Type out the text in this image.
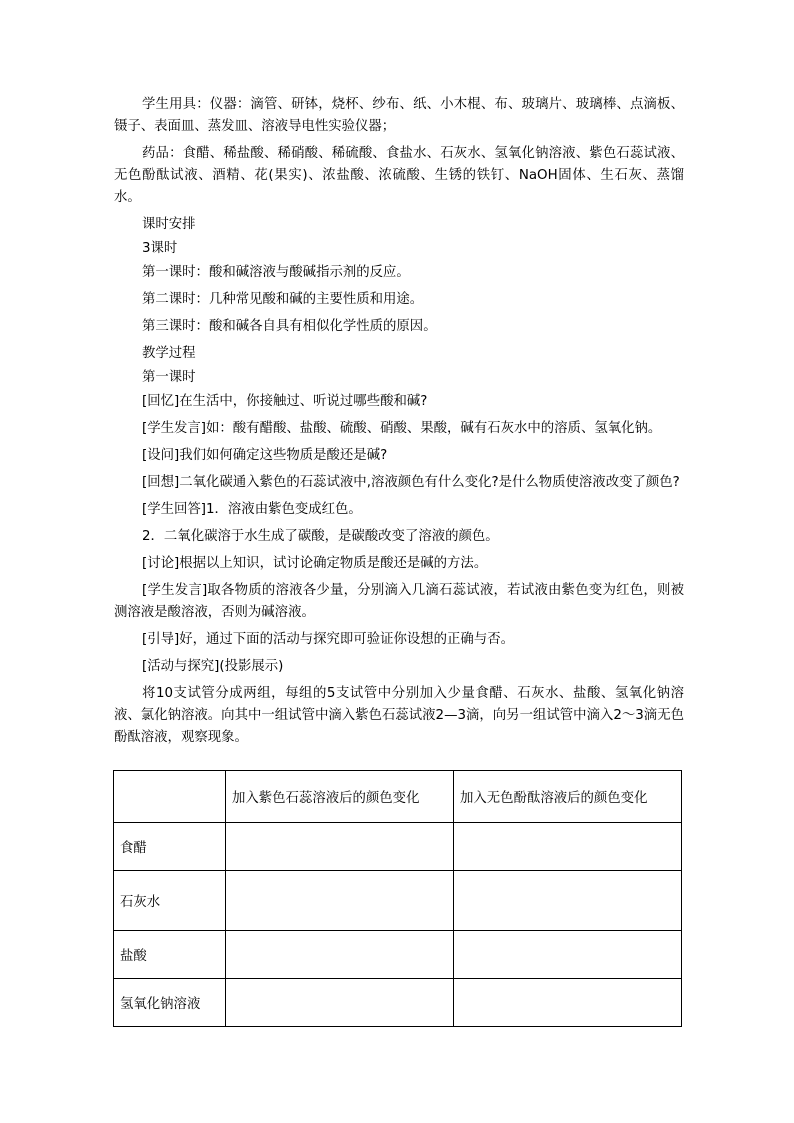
学生用具：仪器：滴管、研钵，烧杯、纱布、纸、小木棍、布、玻璃片、玻璃棒、点滴板、镊子、表面皿、蒸发皿、溶液导电性实验仪器；

药品：食醋、稀盐酸、稀硝酸、稀硫酸、食盐水、石灰水、氢氧化钠溶液、紫色石蕊试液、无色酚酞试液、酒精、花(果实)、浓盐酸、浓硫酸、生锈的铁钉、NaOH固体、生石灰、蒸馏水。

课时安排

3课时

第一课时：酸和碱溶液与酸碱指示剂的反应。

第二课时：几种常见酸和碱的主要性质和用途。

第三课时：酸和碱各自具有相似化学性质的原因。

教学过程

第一课时

[回忆]在生活中，你接触过、听说过哪些酸和碱?

[学生发言]如：酸有醋酸、盐酸、硫酸、硝酸、果酸，碱有石灰水中的溶质、氢氧化钠。

[设问]我们如何确定这些物质是酸还是碱?

[回想]二氧化碳通入紫色的石蕊试液中,溶液颜色有什么变化?是什么物质使溶液改变了颜色?

[学生回答]1．溶液由紫色变成红色。

2．二氧化碳溶于水生成了碳酸，是碳酸改变了溶液的颜色。

[讨论]根据以上知识，试讨论确定物质是酸还是碱的方法。

[学生发言]取各物质的溶液各少量，分别滴入几滴石蕊试液，若试液由紫色变为红色，则被测溶液是酸溶液，否则为碱溶液。

[引导]好，通过下面的活动与探究即可验证你设想的正确与否。

[活动与探究](投影展示)

将10支试管分成两组，每组的5支试管中分别加入少量食醋、石灰水、盐酸、氢氧化钠溶液、氯化钠溶液。向其中一组试管中滴入紫色石蕊试液2—3滴，向另一组试管中滴入2～3滴无色酚酞溶液，观察现象。

	加入紫色石蕊溶液后的颜色变化	加入无色酚酞溶液后的颜色变化
食醋		
石灰水		
盐酸		
氢氧化钠溶液		
